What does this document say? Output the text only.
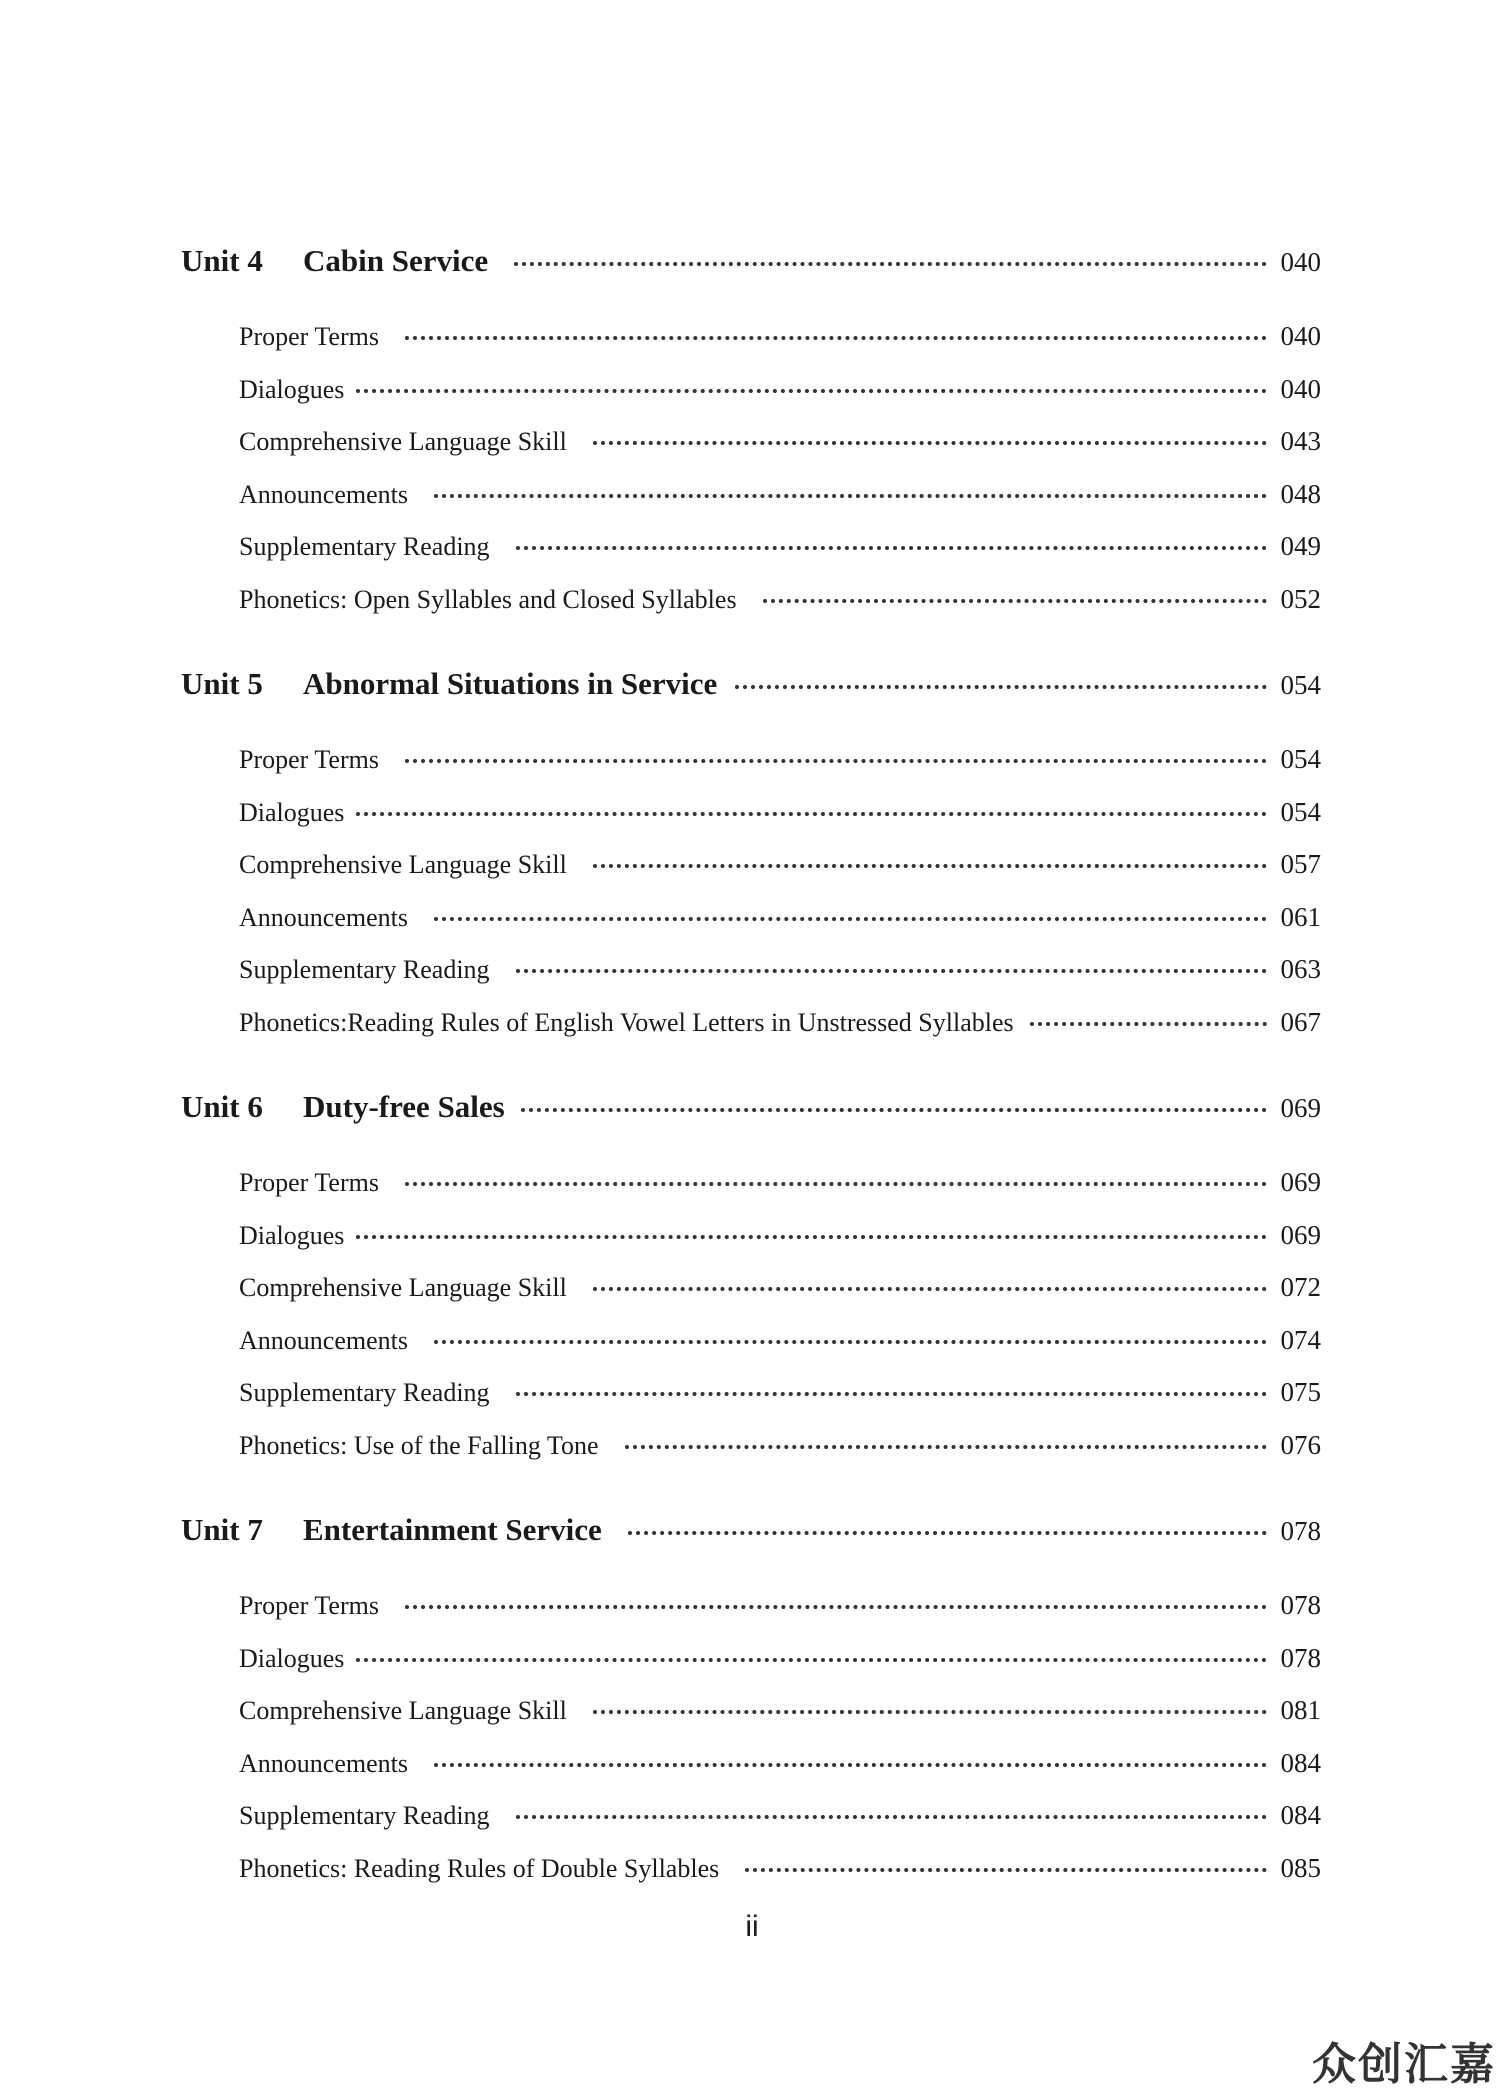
Unit 4	Cabin Service	040
Proper Terms	040
Dialogues	040
Comprehensive Language Skill	043
Announcements	048
Supplementary Reading	049
Phonetics: Open Syllables and Closed Syllables	052
Unit 5	Abnormal Situations in Service	054
Proper Terms	054
Dialogues	054
Comprehensive Language Skill	057
Announcements	061
Supplementary Reading	063
Phonetics:Reading Rules of English Vowel Letters in Unstressed Syllables	067
Unit 6	Duty-free Sales	069
Proper Terms	069
Dialogues	069
Comprehensive Language Skill	072
Announcements	074
Supplementary Reading	075
Phonetics: Use of the Falling Tone	076
Unit 7	Entertainment Service	078
Proper Terms	078
Dialogues	078
Comprehensive Language Skill	081
Announcements	084
Supplementary Reading	084
Phonetics: Reading Rules of Double Syllables	085
ii
众创汇嘉
